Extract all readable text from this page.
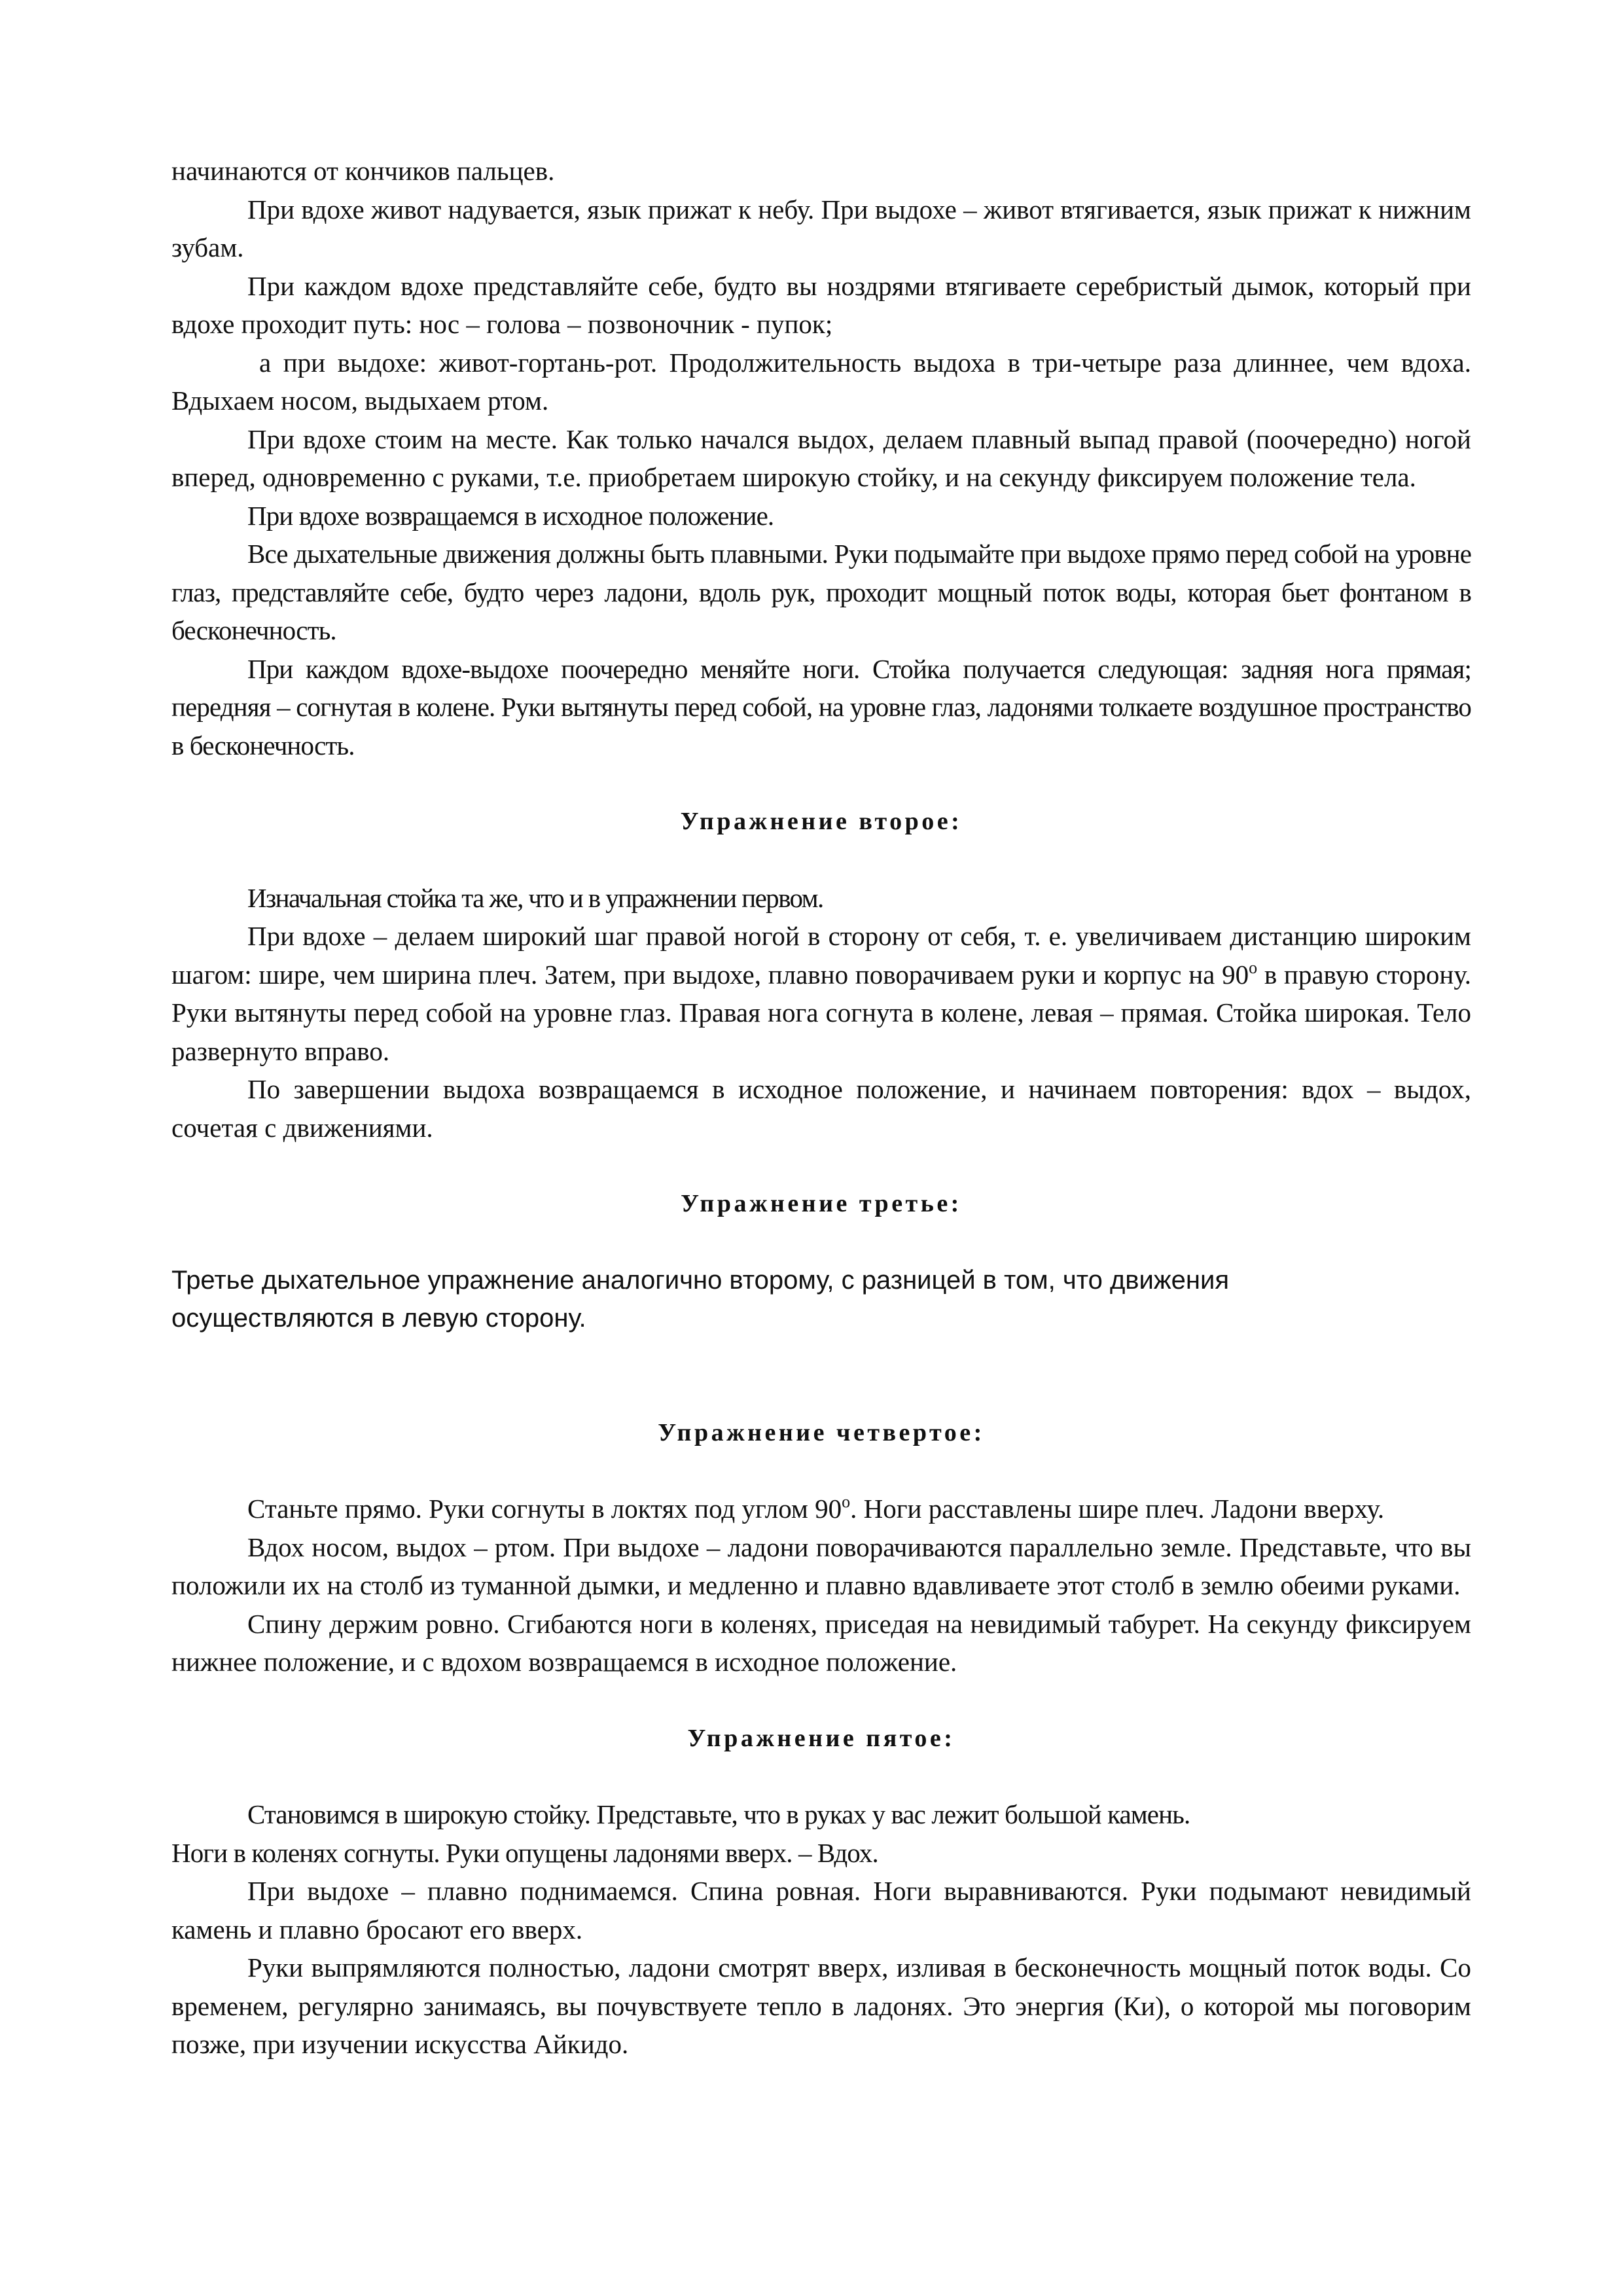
начинаются от кончиков пальцев.

При вдохе живот надувается, язык прижат к небу. При выдохе – живот втягивается, язык прижат к нижним зубам.

При каждом вдохе представляйте себе, будто вы ноздрями втягиваете серебристый дымок, который при вдохе проходит путь: нос – голова – позвоночник - пупок;

а при выдохе: живот-гортань-рот. Продолжительность выдоха в три-четыре раза длиннее, чем вдоха. Вдыхаем носом, выдыхаем ртом.

При вдохе стоим на месте. Как только начался выдох, делаем плавный выпад правой (поочередно) ногой вперед, одновременно с руками, т.е. приобретаем широкую стойку, и на секунду фиксируем положение тела.

При вдохе возвращаемся в исходное положение.

Все дыхательные движения должны быть плавными. Руки подымайте при выдохе прямо перед собой на уровне глаз, представляйте себе, будто через ладони, вдоль рук, проходит мощный поток воды, которая бьет фонтаном в бесконечность.

При каждом вдохе-выдохе поочередно меняйте ноги. Стойка получается следующая: задняя нога прямая; передняя – согнутая в колене. Руки вытянуты перед собой, на уровне глаз, ладонями толкаете воздушное пространство в бесконечность.

Упражнение второе:

Изначальная стойка та же, что и в упражнении первом.

При вдохе – делаем широкий шаг правой ногой в сторону от себя, т. е. увеличиваем дистанцию широким шагом: шире, чем ширина плеч. Затем, при выдохе, плавно поворачиваем руки и корпус на $90^о$ в правую сторону. Руки вытянуты перед собой на уровне глаз. Правая нога согнута в колене, левая – прямая. Стойка широкая. Тело развернуто вправо.

По завершении выдоха возвращаемся в исходное положение, и начинаем повторения: вдох – выдох, сочетая с движениями.

Упражнение третье:

Третье дыхательное упражнение аналогично второму, с разницей в том, что движения осуществляются в левую сторону.

Упражнение четвертое:

Станьте прямо. Руки согнуты в локтях под углом $90^о$. Ноги расставлены шире плеч. Ладони вверху.

Вдох носом, выдох – ртом. При выдохе – ладони поворачиваются параллельно земле. Представьте, что вы положили их на столб из туманной дымки, и медленно и плавно вдавливаете этот столб в землю обеими руками.

Спину держим ровно. Сгибаются ноги в коленях, приседая на невидимый табурет. На секунду фиксируем нижнее положение, и с вдохом возвращаемся в исходное положение.

Упражнение пятое:

Становимся в широкую стойку. Представьте, что в руках у вас лежит большой камень.

Ноги в коленях согнуты. Руки опущены ладонями вверх. – Вдох.

При выдохе – плавно поднимаемся. Спина ровная. Ноги выравниваются. Руки подымают невидимый камень и плавно бросают его вверх.

Руки выпрямляются полностью, ладони смотрят вверх, изливая в бесконечность мощный поток воды. Со временем, регулярно занимаясь, вы почувствуете тепло в ладонях. Это энергия (Ки), о которой мы поговорим позже, при изучении искусства Айкидо.
